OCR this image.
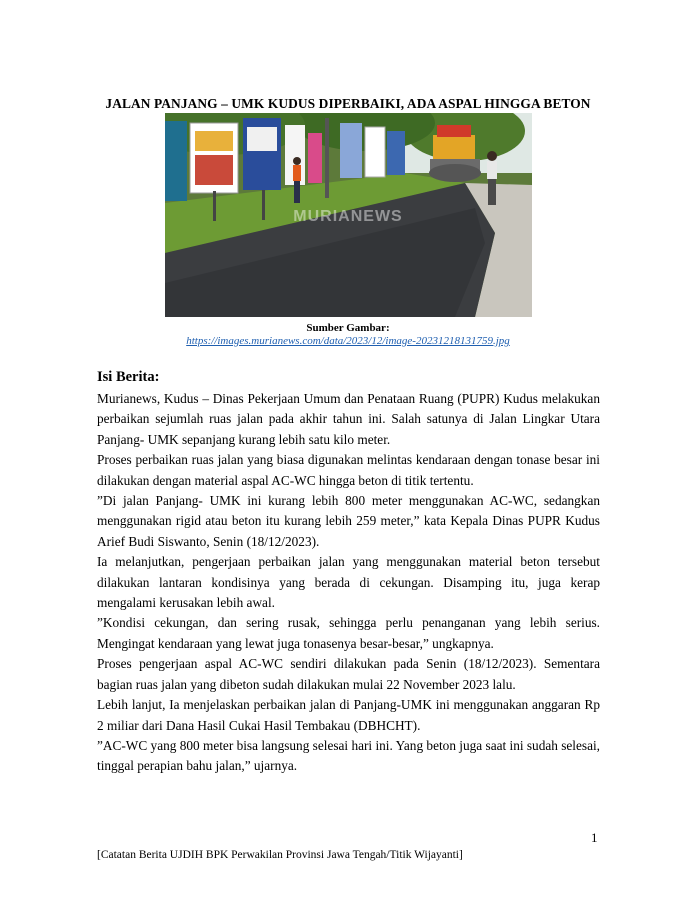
JALAN PANJANG – UMK KUDUS DIPERBAIKI, ADA ASPAL HINGGA BETON
MURIANEWS
Sumber Gambar:
https://images.murianews.com/data/2023/12/image-20231218131759.jpg
Isi Berita:

Murianews, Kudus – Dinas Pekerjaan Umum dan Penataan Ruang (PUPR) Kudus melakukan perbaikan sejumlah ruas jalan pada akhir tahun ini. Salah satunya di Jalan Lingkar Utara Panjang- UMK sepanjang kurang lebih satu kilo meter.

Proses perbaikan ruas jalan yang biasa digunakan melintas kendaraan dengan tonase besar ini dilakukan dengan material aspal AC-WC hingga beton di titik tertentu.

”Di jalan Panjang- UMK ini kurang lebih 800 meter menggunakan AC-WC, sedangkan menggunakan rigid atau beton itu kurang lebih 259 meter,” kata Kepala Dinas PUPR Kudus Arief Budi Siswanto, Senin (18/12/2023).

Ia melanjutkan, pengerjaan perbaikan jalan yang menggunakan material beton tersebut dilakukan lantaran kondisinya yang berada di cekungan. Disamping itu, juga kerap mengalami kerusakan lebih awal.

”Kondisi cekungan, dan sering rusak, sehingga perlu penanganan yang lebih serius. Mengingat kendaraan yang lewat juga tonasenya besar-besar,” ungkapnya.

Proses pengerjaan aspal AC-WC sendiri dilakukan pada Senin (18/12/2023). Sementara bagian ruas jalan yang dibeton sudah dilakukan mulai 22 November 2023 lalu.

Lebih lanjut, Ia menjelaskan perbaikan jalan di Panjang-UMK ini menggunakan anggaran Rp 2 miliar dari Dana Hasil Cukai Hasil Tembakau (DBHCHT).

”AC-WC yang 800 meter bisa langsung selesai hari ini. Yang beton juga saat ini sudah selesai, tinggal perapian bahu jalan,” ujarnya.

1
[Catatan Berita UJDIH BPK Perwakilan Provinsi Jawa Tengah/Titik Wijayanti]
